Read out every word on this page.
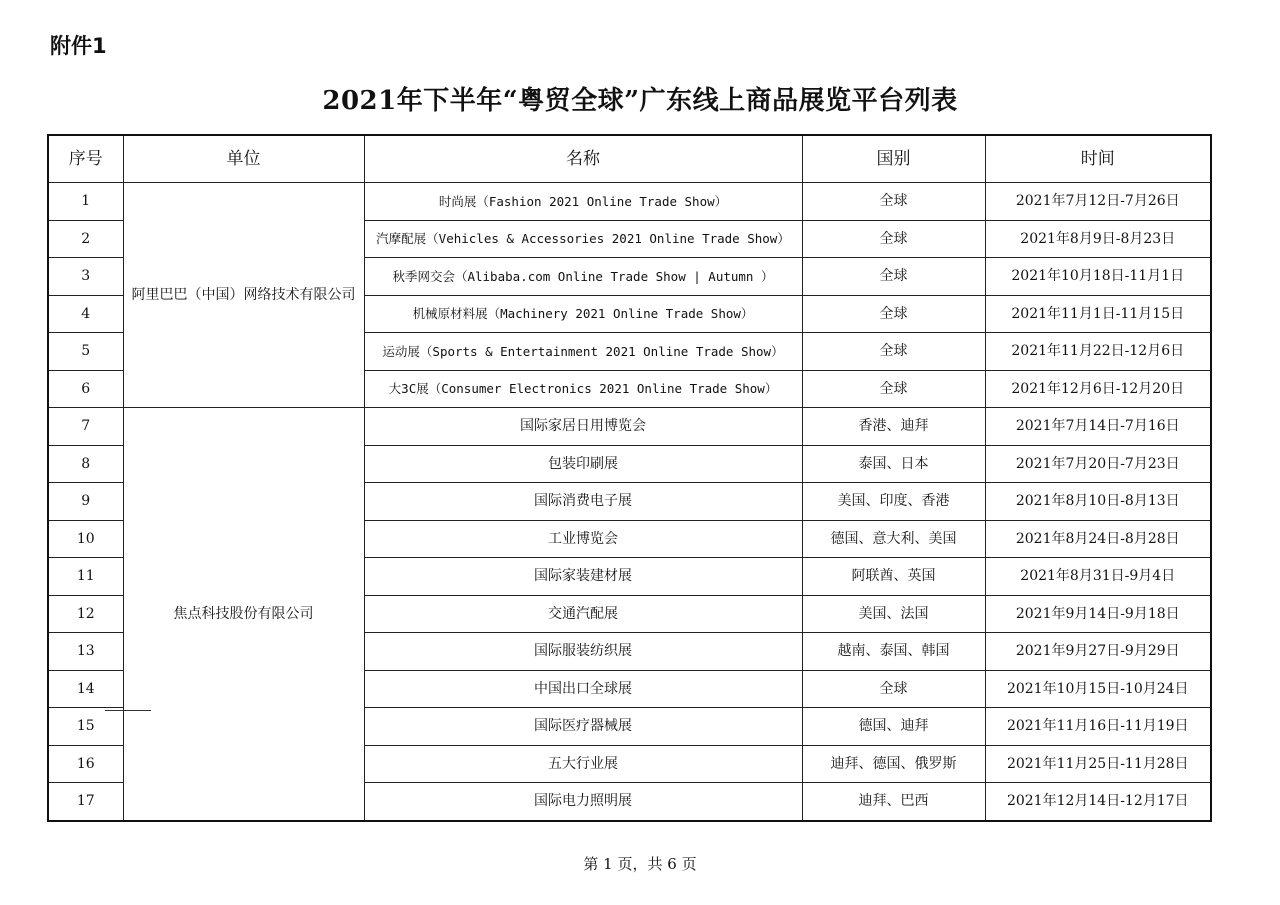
附件1
2021年下半年“粤贸全球”广东线上商品展览平台列表
序号	单位	名称	国别	时间
1	阿里巴巴（中国）网络技术有限公司	时尚展（Fashion 2021 Online Trade Show）	全球	2021年7月12日-7月26日
2		汽摩配展（Vehicles & Accessories 2021 Online Trade Show）	全球	2021年8月9日-8月23日
3		秋季网交会（Alibaba.com Online Trade Show | Autumn ）	全球	2021年10月18日-11月1日
4		机械原材料展（Machinery 2021 Online Trade Show）	全球	2021年11月1日-11月15日
5		运动展（Sports & Entertainment 2021 Online Trade Show）	全球	2021年11月22日-12月6日
6		大3C展（Consumer Electronics 2021 Online Trade Show）	全球	2021年12月6日-12月20日
7	焦点科技股份有限公司	国际家居日用博览会	香港、迪拜	2021年7月14日-7月16日
8		包装印刷展	泰国、日本	2021年7月20日-7月23日
9		国际消费电子展	美国、印度、香港	2021年8月10日-8月13日
10		工业博览会	德国、意大利、美国	2021年8月24日-8月28日
11		国际家装建材展	阿联酋、英国	2021年8月31日-9月4日
12		交通汽配展	美国、法国	2021年9月14日-9月18日
13		国际服装纺织展	越南、泰国、韩国	2021年9月27日-9月29日
14		中国出口全球展	全球	2021年10月15日-10月24日
15		国际医疗器械展	德国、迪拜	2021年11月16日-11月19日
16		五大行业展	迪拜、德国、俄罗斯	2021年11月25日-11月28日
17		国际电力照明展	迪拜、巴西	2021年12月14日-12月17日
第 1 页，共 6 页
